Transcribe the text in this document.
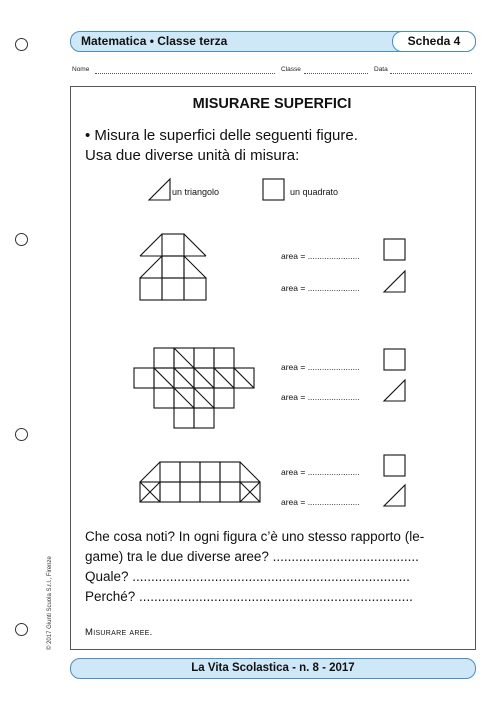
Matematica • Classe terza	Scheda 4
Nome	Classe	Data
MISURARE SUPERFICI
• Misura le superfici delle seguenti figure.
Usa due diverse unità di misura:
un triangolo	un quadrato
area = ......................
area = ......................
area = ......................
area = ......................
area = ......................
area = ......................
Che cosa noti? In ogni figura c’è uno stesso rapporto (le-
game) tra le due diverse aree? .......................................
Quale? ..........................................................................
Perché? .........................................................................
Misurare aree.
© 2017 Giunti Scuola S.r.l., Firenze
La Vita Scolastica - n. 8 - 2017
